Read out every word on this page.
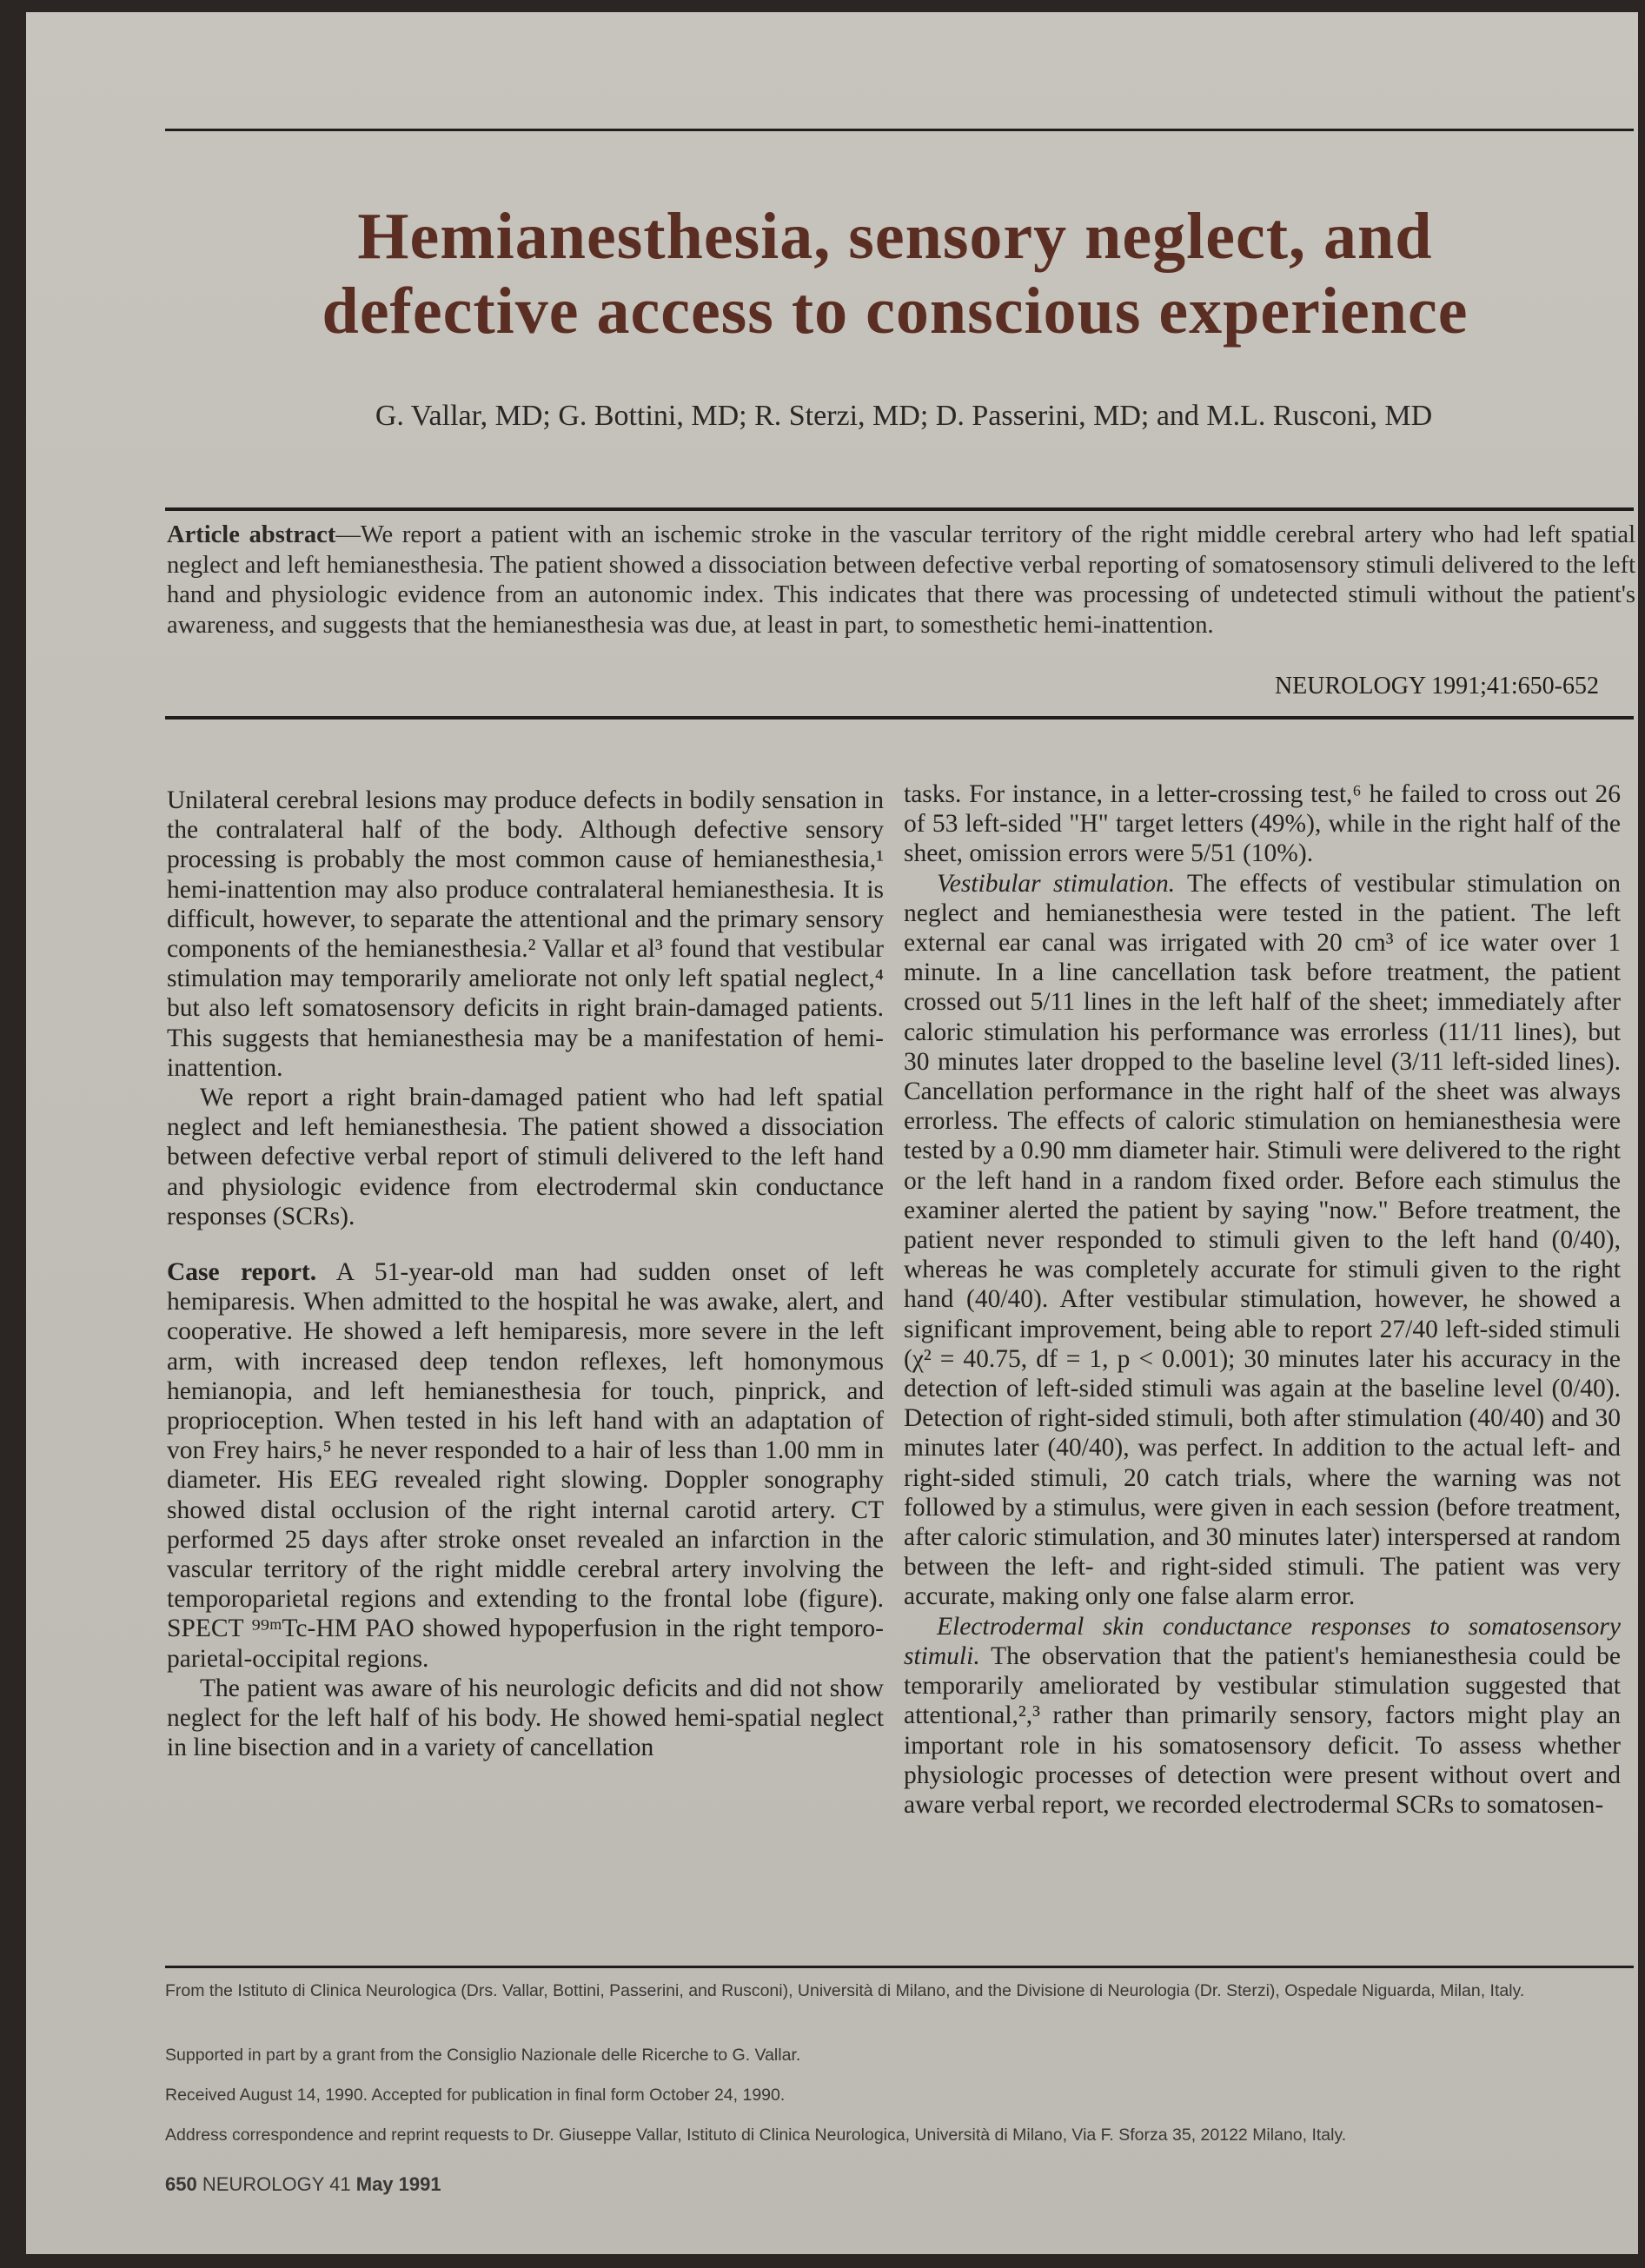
Hemianesthesia, sensory neglect, and
defective access to conscious experience
G. Vallar, MD; G. Bottini, MD; R. Sterzi, MD; D. Passerini, MD; and M.L. Rusconi, MD
Article abstract—We report a patient with an ischemic stroke in the vascular territory of the right middle cerebral artery who had left spatial neglect and left hemianesthesia. The patient showed a dissociation between defective verbal reporting of somatosensory stimuli delivered to the left hand and physiologic evidence from an autonomic index. This indicates that there was processing of undetected stimuli without the patient's awareness, and suggests that the hemianesthesia was due, at least in part, to somesthetic hemi-inattention.
NEUROLOGY 1991;41:650-652

Unilateral cerebral lesions may produce defects in bodily sensation in the contralateral half of the body. Although defective sensory processing is probably the most common cause of hemianesthesia,¹ hemi-inattention may also produce contralateral hemianesthesia. It is difficult, however, to separate the attentional and the primary sensory components of the hemianesthesia.² Vallar et al³ found that vestibular stimulation may temporarily ameliorate not only left spatial neglect,⁴ but also left somatosensory deficits in right brain-damaged patients. This suggests that hemianesthesia may be a manifestation of hemi-inattention.

We report a right brain-damaged patient who had left spatial neglect and left hemianesthesia. The patient showed a dissociation between defective verbal report of stimuli delivered to the left hand and physiologic evidence from electrodermal skin conductance responses (SCRs).

Case report. A 51-year-old man had sudden onset of left hemiparesis. When admitted to the hospital he was awake, alert, and cooperative. He showed a left hemiparesis, more severe in the left arm, with increased deep tendon reflexes, left homonymous hemianopia, and left hemianesthesia for touch, pinprick, and proprioception. When tested in his left hand with an adaptation of von Frey hairs,⁵ he never responded to a hair of less than 1.00 mm in diameter. His EEG revealed right slowing. Doppler sonography showed distal occlusion of the right internal carotid artery. CT performed 25 days after stroke onset revealed an infarction in the vascular territory of the right middle cerebral artery involving the temporoparietal regions and extending to the frontal lobe (figure). SPECT ⁹⁹ᵐTc-HM PAO showed hypoperfusion in the right temporo-parietal-occipital regions.

The patient was aware of his neurologic deficits and did not show neglect for the left half of his body. He showed hemi-spatial neglect in line bisection and in a variety of cancellation

tasks. For instance, in a letter-crossing test,⁶ he failed to cross out 26 of 53 left-sided "H" target letters (49%), while in the right half of the sheet, omission errors were 5/51 (10%).

Vestibular stimulation. The effects of vestibular stimulation on neglect and hemianesthesia were tested in the patient. The left external ear canal was irrigated with 20 cm³ of ice water over 1 minute. In a line cancellation task before treatment, the patient crossed out 5/11 lines in the left half of the sheet; immediately after caloric stimulation his performance was errorless (11/11 lines), but 30 minutes later dropped to the baseline level (3/11 left-sided lines). Cancellation performance in the right half of the sheet was always errorless. The effects of caloric stimulation on hemianesthesia were tested by a 0.90 mm diameter hair. Stimuli were delivered to the right or the left hand in a random fixed order. Before each stimulus the examiner alerted the patient by saying "now." Before treatment, the patient never responded to stimuli given to the left hand (0/40), whereas he was completely accurate for stimuli given to the right hand (40/40). After vestibular stimulation, however, he showed a significant improvement, being able to report 27/40 left-sided stimuli (χ² = 40.75, df = 1, p < 0.001); 30 minutes later his accuracy in the detection of left-sided stimuli was again at the baseline level (0/40). Detection of right-sided stimuli, both after stimulation (40/40) and 30 minutes later (40/40), was perfect. In addition to the actual left- and right-sided stimuli, 20 catch trials, where the warning was not followed by a stimulus, were given in each session (before treatment, after caloric stimulation, and 30 minutes later) interspersed at random between the left- and right-sided stimuli. The patient was very accurate, making only one false alarm error.

Electrodermal skin conductance responses to somatosensory stimuli. The observation that the patient's hemianesthesia could be temporarily ameliorated by vestibular stimulation suggested that attentional,²,³ rather than primarily sensory, factors might play an important role in his somatosensory deficit. To assess whether physiologic processes of detection were present without overt and aware verbal report, we recorded electrodermal SCRs to somatosen-

From the Istituto di Clinica Neurologica (Drs. Vallar, Bottini, Passerini, and Rusconi), Università di Milano, and the Divisione di Neurologia (Dr. Sterzi), Ospedale Niguarda, Milan, Italy.
Supported in part by a grant from the Consiglio Nazionale delle Ricerche to G. Vallar.
Received August 14, 1990. Accepted for publication in final form October 24, 1990.
Address correspondence and reprint requests to Dr. Giuseppe Vallar, Istituto di Clinica Neurologica, Università di Milano, Via F. Sforza 35, 20122 Milano, Italy.
650 NEUROLOGY 41 May 1991
